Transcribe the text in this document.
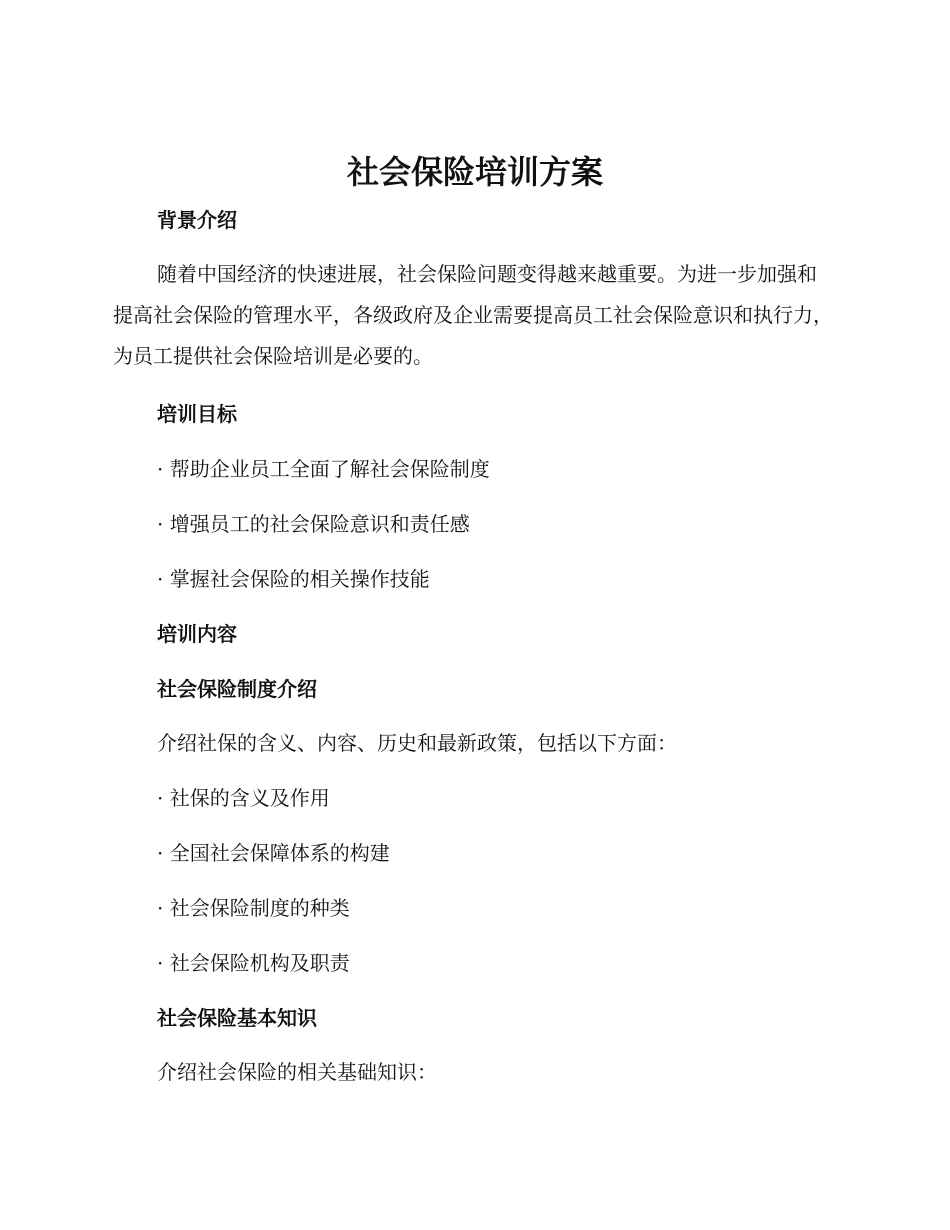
社会保险培训方案
背景介绍

随着中国经济的快速进展，社会保险问题变得越来越重要。为进一步加强和提高社会保险的管理水平，各级政府及企业需要提高员工社会保险意识和执行力，为员工提供社会保险培训是必要的。

培训目标

· 帮助企业员工全面了解社会保险制度

· 增强员工的社会保险意识和责任感

· 掌握社会保险的相关操作技能

培训内容
社会保险制度介绍

介绍社保的含义、内容、历史和最新政策，包括以下方面：

· 社保的含义及作用

· 全国社会保障体系的构建

· 社会保险制度的种类

· 社会保险机构及职责

社会保险基本知识

介绍社会保险的相关基础知识：
